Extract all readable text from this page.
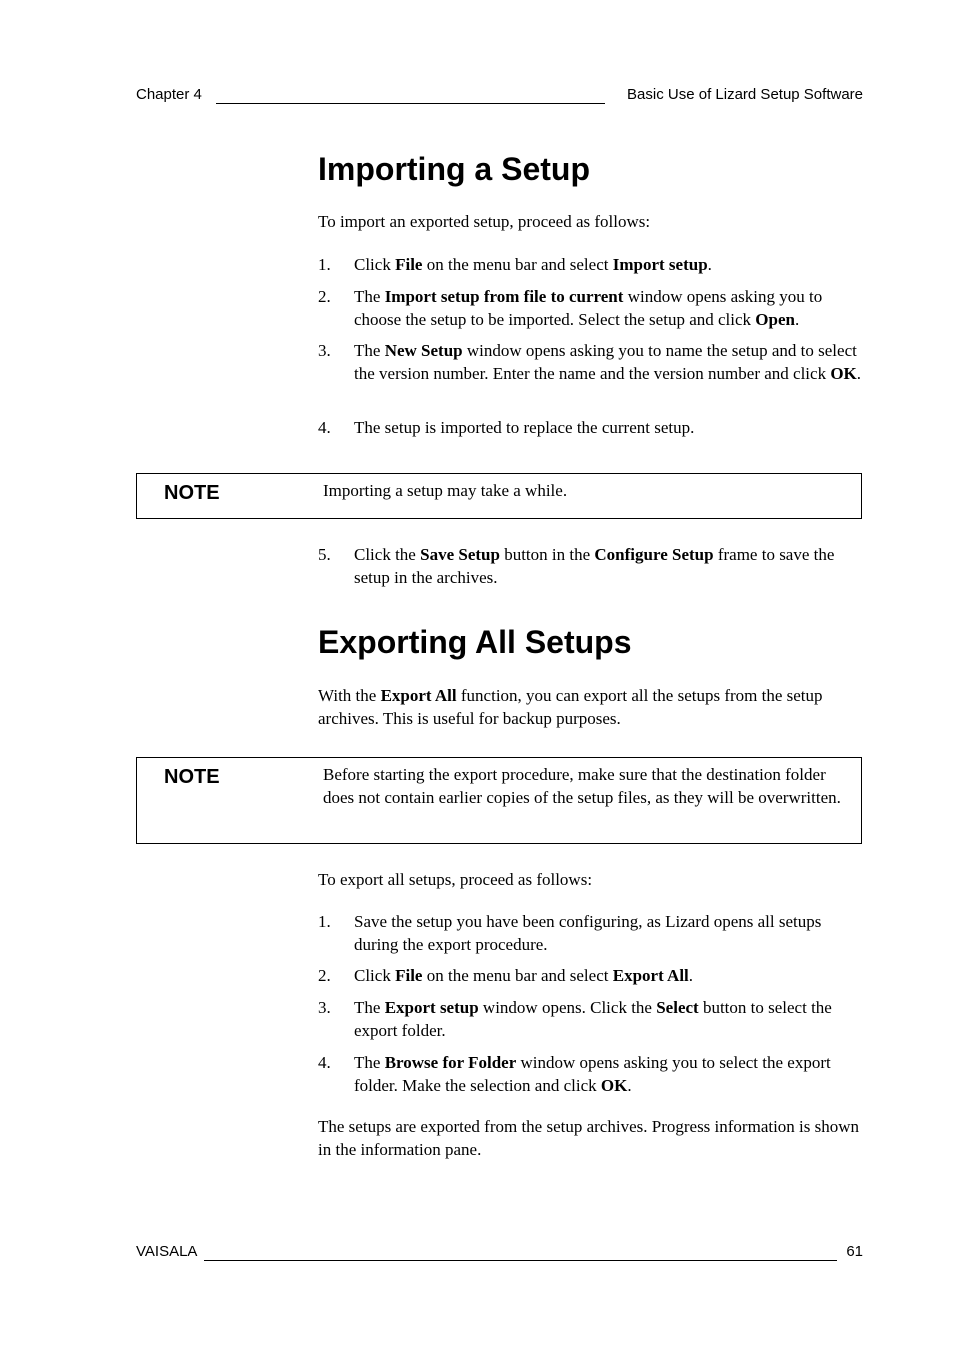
Chapter 4	Basic Use of Lizard Setup Software
Importing a Setup

To import an exported setup, proceed as follows:

1. Click File on the menu bar and select Import setup.
2. The Import setup from file to current window opens asking you to choose the setup to be imported. Select the setup and click Open.
3. The New Setup window opens asking you to name the setup and to select the version number. Enter the name and the version number and click OK.
4. The setup is imported to replace the current setup.
NOTE	Importing a setup may take a while.
5. Click the Save Setup button in the Configure Setup frame to save the setup in the archives.
Exporting All Setups

With the Export All function, you can export all the setups from the setup archives. This is useful for backup purposes.

NOTE	Before starting the export procedure, make sure that the destination folder does not contain earlier copies of the setup files, as they will be overwritten.

To export all setups, proceed as follows:

1. Save the setup you have been configuring, as Lizard opens all setups during the export procedure.
2. Click File on the menu bar and select Export All.
3. The Export setup window opens. Click the Select button to select the export folder.
4. The Browse for Folder window opens asking you to select the export folder. Make the selection and click OK.

The setups are exported from the setup archives. Progress information is shown in the information pane.

VAISALA	61
